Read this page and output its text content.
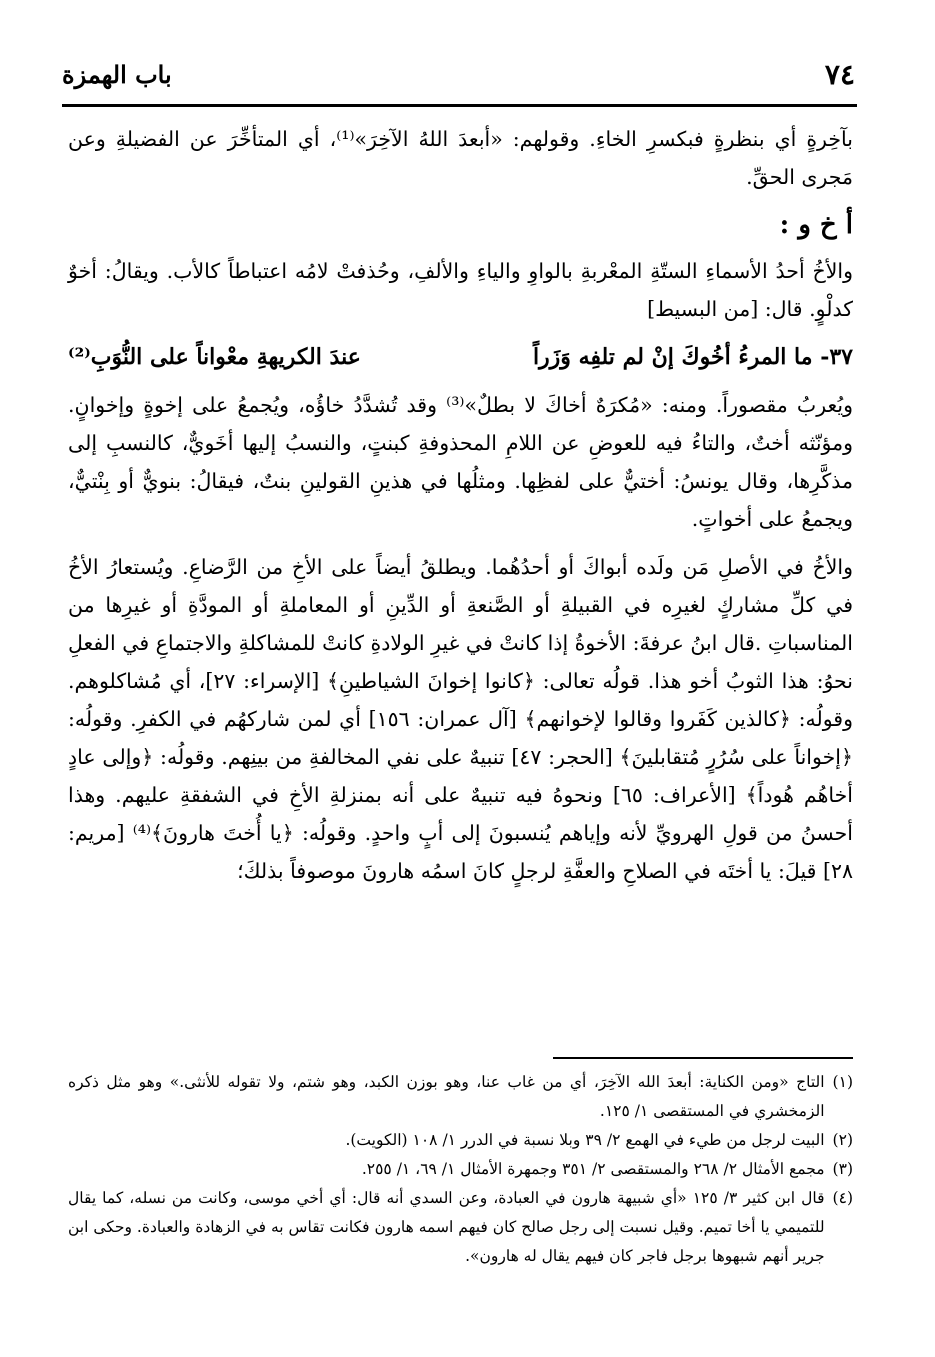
٧٤
باب الهمزة

بآخِرةٍ أي بنظرةٍ فبكسرِ الخاءِ. وقولهم: «أبعدَ اللهُ الآخِرَ»⁽¹⁾، أي المتأخِّرَ عن الفضيلةِ وعن مَجرى الحقِّ.

أ خ و :

والأخُ أحدُ الأسماءِ الستّةِ المعْربةِ بالواوِ والياءِ والألفِ، وحُذفتْ لامُه اعتباطاً كالأب. ويقالُ: أخوٌ كدلْوٍ. قال: [من البسيط]

٣٧- ما المرءُ أخُوكَ إنْ لم تلفِه وَزَراً
عندَ الكريهةِ معْواناً على النُّوَبِ⁽²⁾

ويُعربُ مقصوراً. ومنه: «مُكرَهٌ أخاكَ لا بطلٌ»⁽³⁾ وقد تُشدَّدُ خاؤُه، ويُجمعُ على إخوةٍ وإخوانٍ. ومؤنّثه أختٌ، والتاءُ فيه للعوضِ عن اللامِ المحذوفةِ كبنتٍ، والنسبُ إليها أخَويٌّ، كالنسبِ إلى مذكَّرِها، وقال يونسُ: أختيٌّ على لفظِها. ومثلُها في هذينِ القولينِ بنتٌ، فيقالُ: بنويٌّ أو بِنْتيٌّ، ويجمعُ على أخواتٍ.

والأخُ في الأصلِ مَن ولَده أبواكَ أو أحدُهُما. ويطلقُ أيضاً على الأخِ من الرَّضاعِ. ويُستعارُ الأخُ في كلِّ مشاركٍ لغيرِه في القبيلةِ أو الصَّنعةِ أو الدِّينِ أو المعاملةِ أو المودَّةِ أو غيرِها من المناسباتِ .قال ابنُ عرفةَ: الأخوةُ إذا كانتْ في غيرِ الولادةِ كانتْ للمشاكلةِ والاجتماعِ في الفعلِ نحوُ: هذا الثوبُ أخو هذا. قولُه تعالى: ﴿كانوا إخوانَ الشياطينِ﴾ [الإسراء: ٢٧]، أي مُشاكلوهم. وقولُه: ﴿كالذين كَفَروا وقالوا لإخوانهم﴾ [آل عمران: ١٥٦] أي لمن شاركهُم في الكفرِ. وقولُه: ﴿إخواناً على سُرُرٍ مُتقابلينَ﴾ [الحجر: ٤٧] تنبيهٌ على نفي المخالفةِ من بينِهم. وقولُه: ﴿وإلى عادٍ أخاهُم هُوداً﴾ [الأعراف: ٦٥] ونحوهُ فيه تنبيهٌ على أنه بمنزلةِ الأخِ في الشفقةِ عليهم. وهذا أحسنُ من قولِ الهرويِّ لأنه وإياهم يُنسبونَ إلى أبٍ واحدٍ. وقولُه: ﴿يا أُختَ هارونَ﴾⁽⁴⁾ [مريم: ٢٨] قيلَ: يا أختَه في الصلاحِ والعفَّةِ لرجلٍ كانَ اسمُه هارونَ موصوفاً بذلكَ؛

(١)
التاج «ومن الكناية: أبعدَ الله الآخِرَ، أي من غاب عنا، وهو بوزن الكبد، وهو شتم، ولا تقوله للأنثى.» وهو مثل ذكره الزمخشري في المستقصى ١/ ١٢٥.
(٢)
البيت لرجل من طيء في الهمع ٢/ ٣٩ وبلا نسبة في الدرر ١/ ١٠٨ (الكويت).
(٣)
مجمع الأمثال ٢/ ٢٦٨ والمستقصى ٢/ ٣٥١ وجمهرة الأمثال ١/ ٦٩، ١/ ٢٥٥.
(٤)
قال ابن كثير ٣/ ١٢٥ «أي شبيهة هارون في العبادة، وعن السدي أنه قال: أي أخي موسى، وكانت من نسله، كما يقال للتميمي يا أخا تميم. وقيل نسبت إلى رجل صالح كان فيهم اسمه هارون فكانت تقاس به في الزهادة والعبادة. وحكى ابن جرير أنهم شبهوها برجل فاجر كان فيهم يقال له هارون».
